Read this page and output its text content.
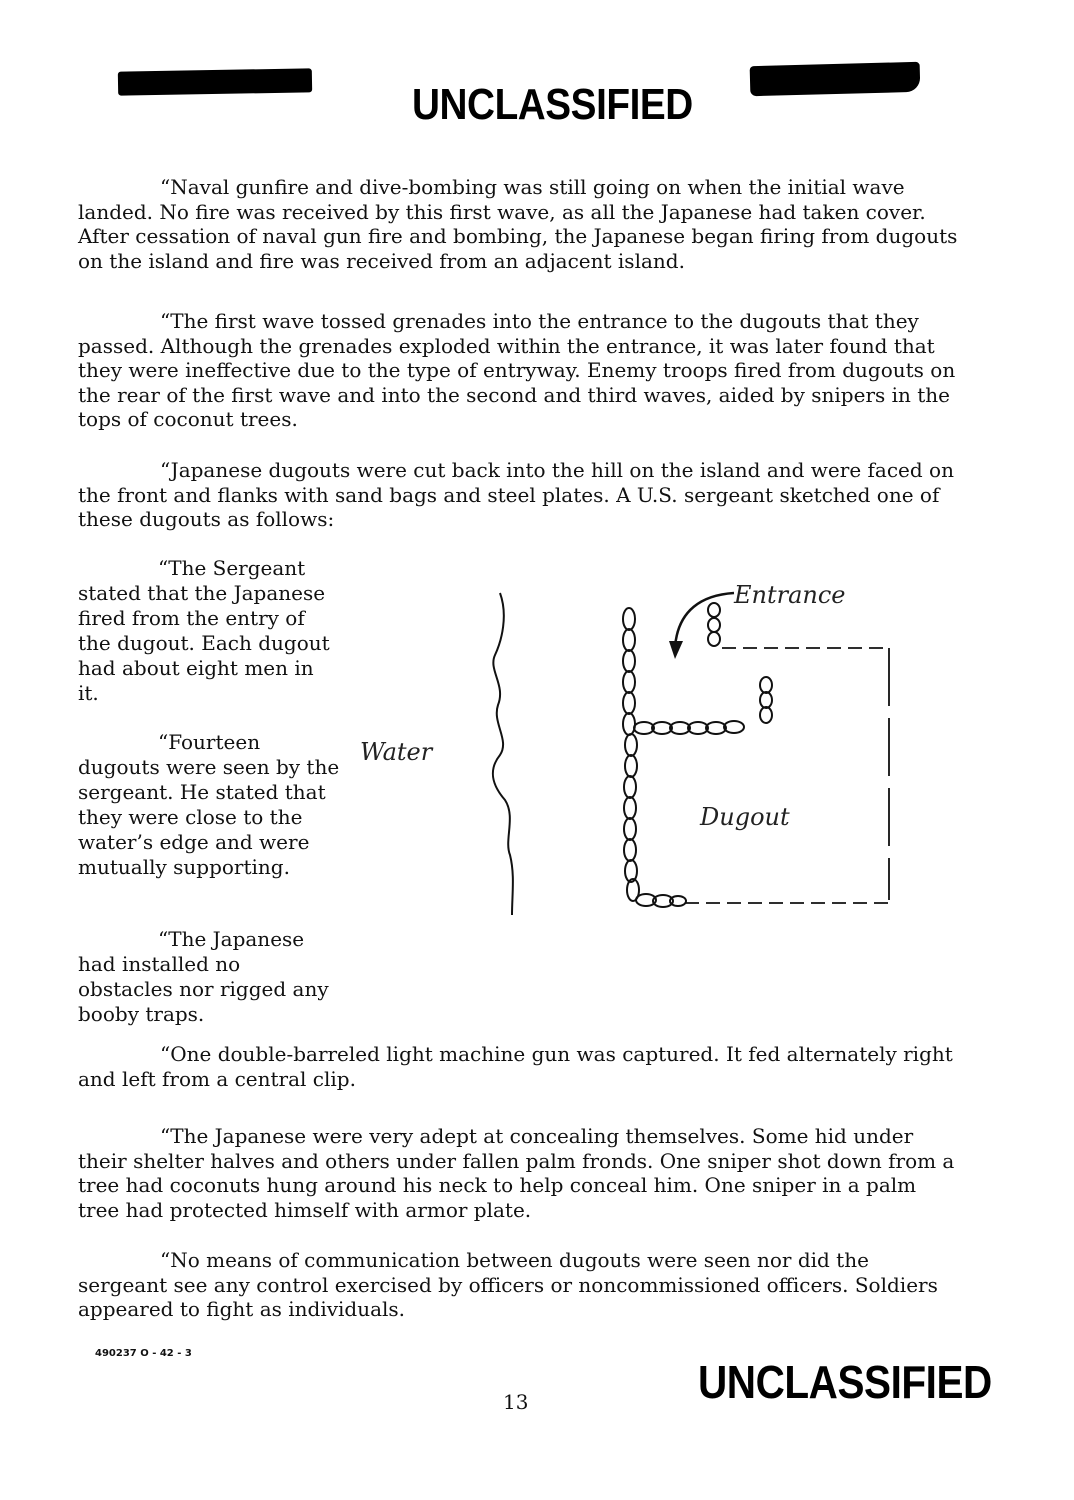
UNCLASSIFIED

“Naval gunfire and dive-bombing was still going on when the initial wave landed. No fire was received by this first wave, as all the Japanese had taken cover. After cessation of naval gun fire and bombing, the Japanese began firing from dugouts on the island and fire was received from an adjacent island.

“The first wave tossed grenades into the entrance to the dugouts that they passed. Although the grenades exploded within the entrance, it was later found that they were ineffective due to the type of entryway. Enemy troops fired from dugouts on the rear of the first wave and into the second and third waves, aided by snipers in the tops of coconut trees.

“Japanese dugouts were cut back into the hill on the island and were faced on the front and flanks with sand bags and steel plates. A U.S. sergeant sketched one of these dugouts as follows:

“The Sergeant stated that the Japanese fired from the entry of the dugout. Each dugout had about eight men in it.

“Fourteen dugouts were seen by the sergeant. He stated that they were close to the water’s edge and were mutually supporting.

“The Japanese had installed no obstacles nor rigged any booby traps.

Water
Entrance
Dugout

“One double-barreled light machine gun was captured. It fed alternately right and left from a central clip.

“The Japanese were very adept at concealing themselves. Some hid under their shelter halves and others under fallen palm fronds. One sniper shot down from a tree had coconuts hung around his neck to help conceal him. One sniper in a palm tree had protected himself with armor plate.

“No means of communication between dugouts were seen nor did the sergeant see any control exercised by officers or noncommissioned officers. Soldiers appeared to fight as individuals.

490237 O - 42 - 3
13	UNCLASSIFIED
